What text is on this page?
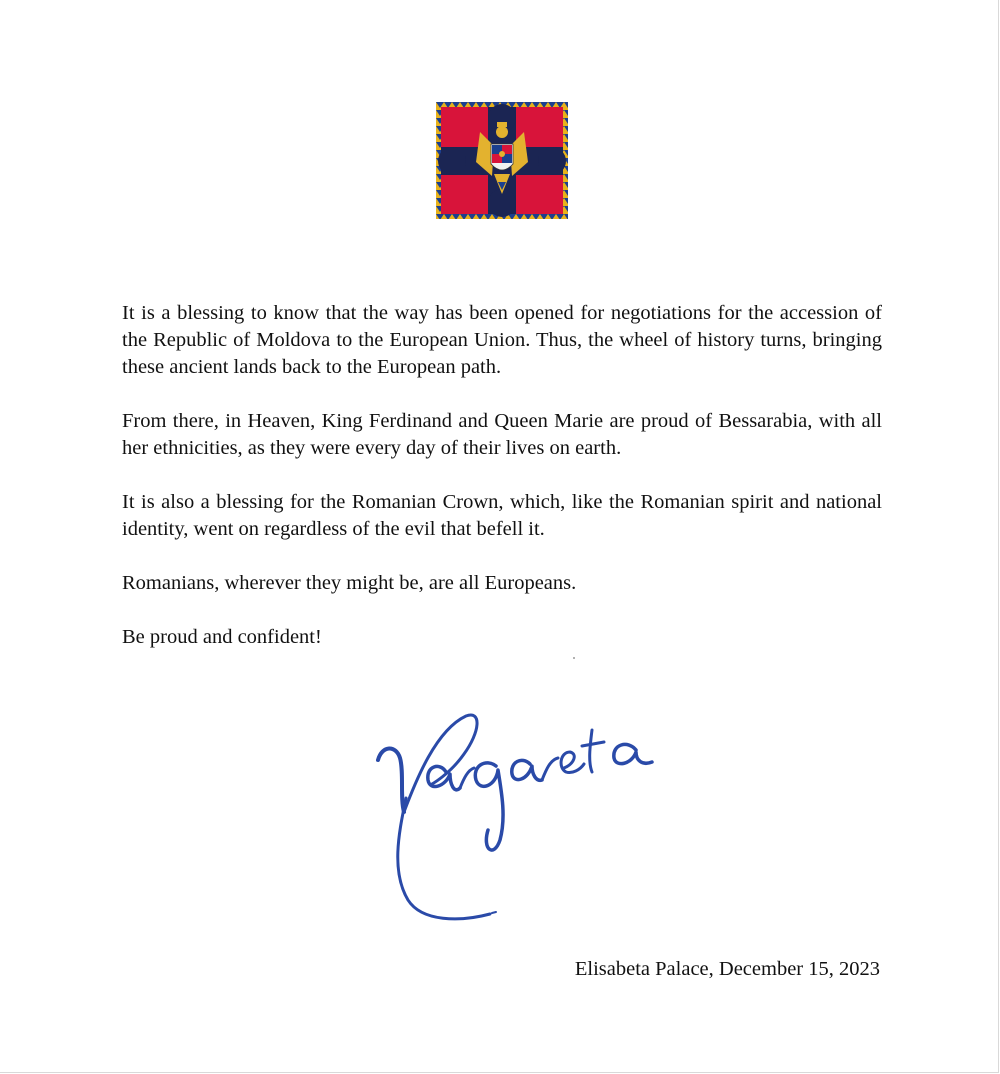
It is a blessing to know that the way has been opened for negotiations for the accession of the Republic of Moldova to the European Union. Thus, the wheel of history turns, bringing these ancient lands back to the European path.

From there, in Heaven, King Ferdinand and Queen Marie are proud of Bessarabia, with all her ethnicities, as they were every day of their lives on earth.

It is also a blessing for the Romanian Crown, which, like the Romanian spirit and national identity, went on regardless of the evil that befell it.

Romanians, wherever they might be, are all Europeans.

Be proud and confident!

Elisabeta Palace, December 15, 2023
